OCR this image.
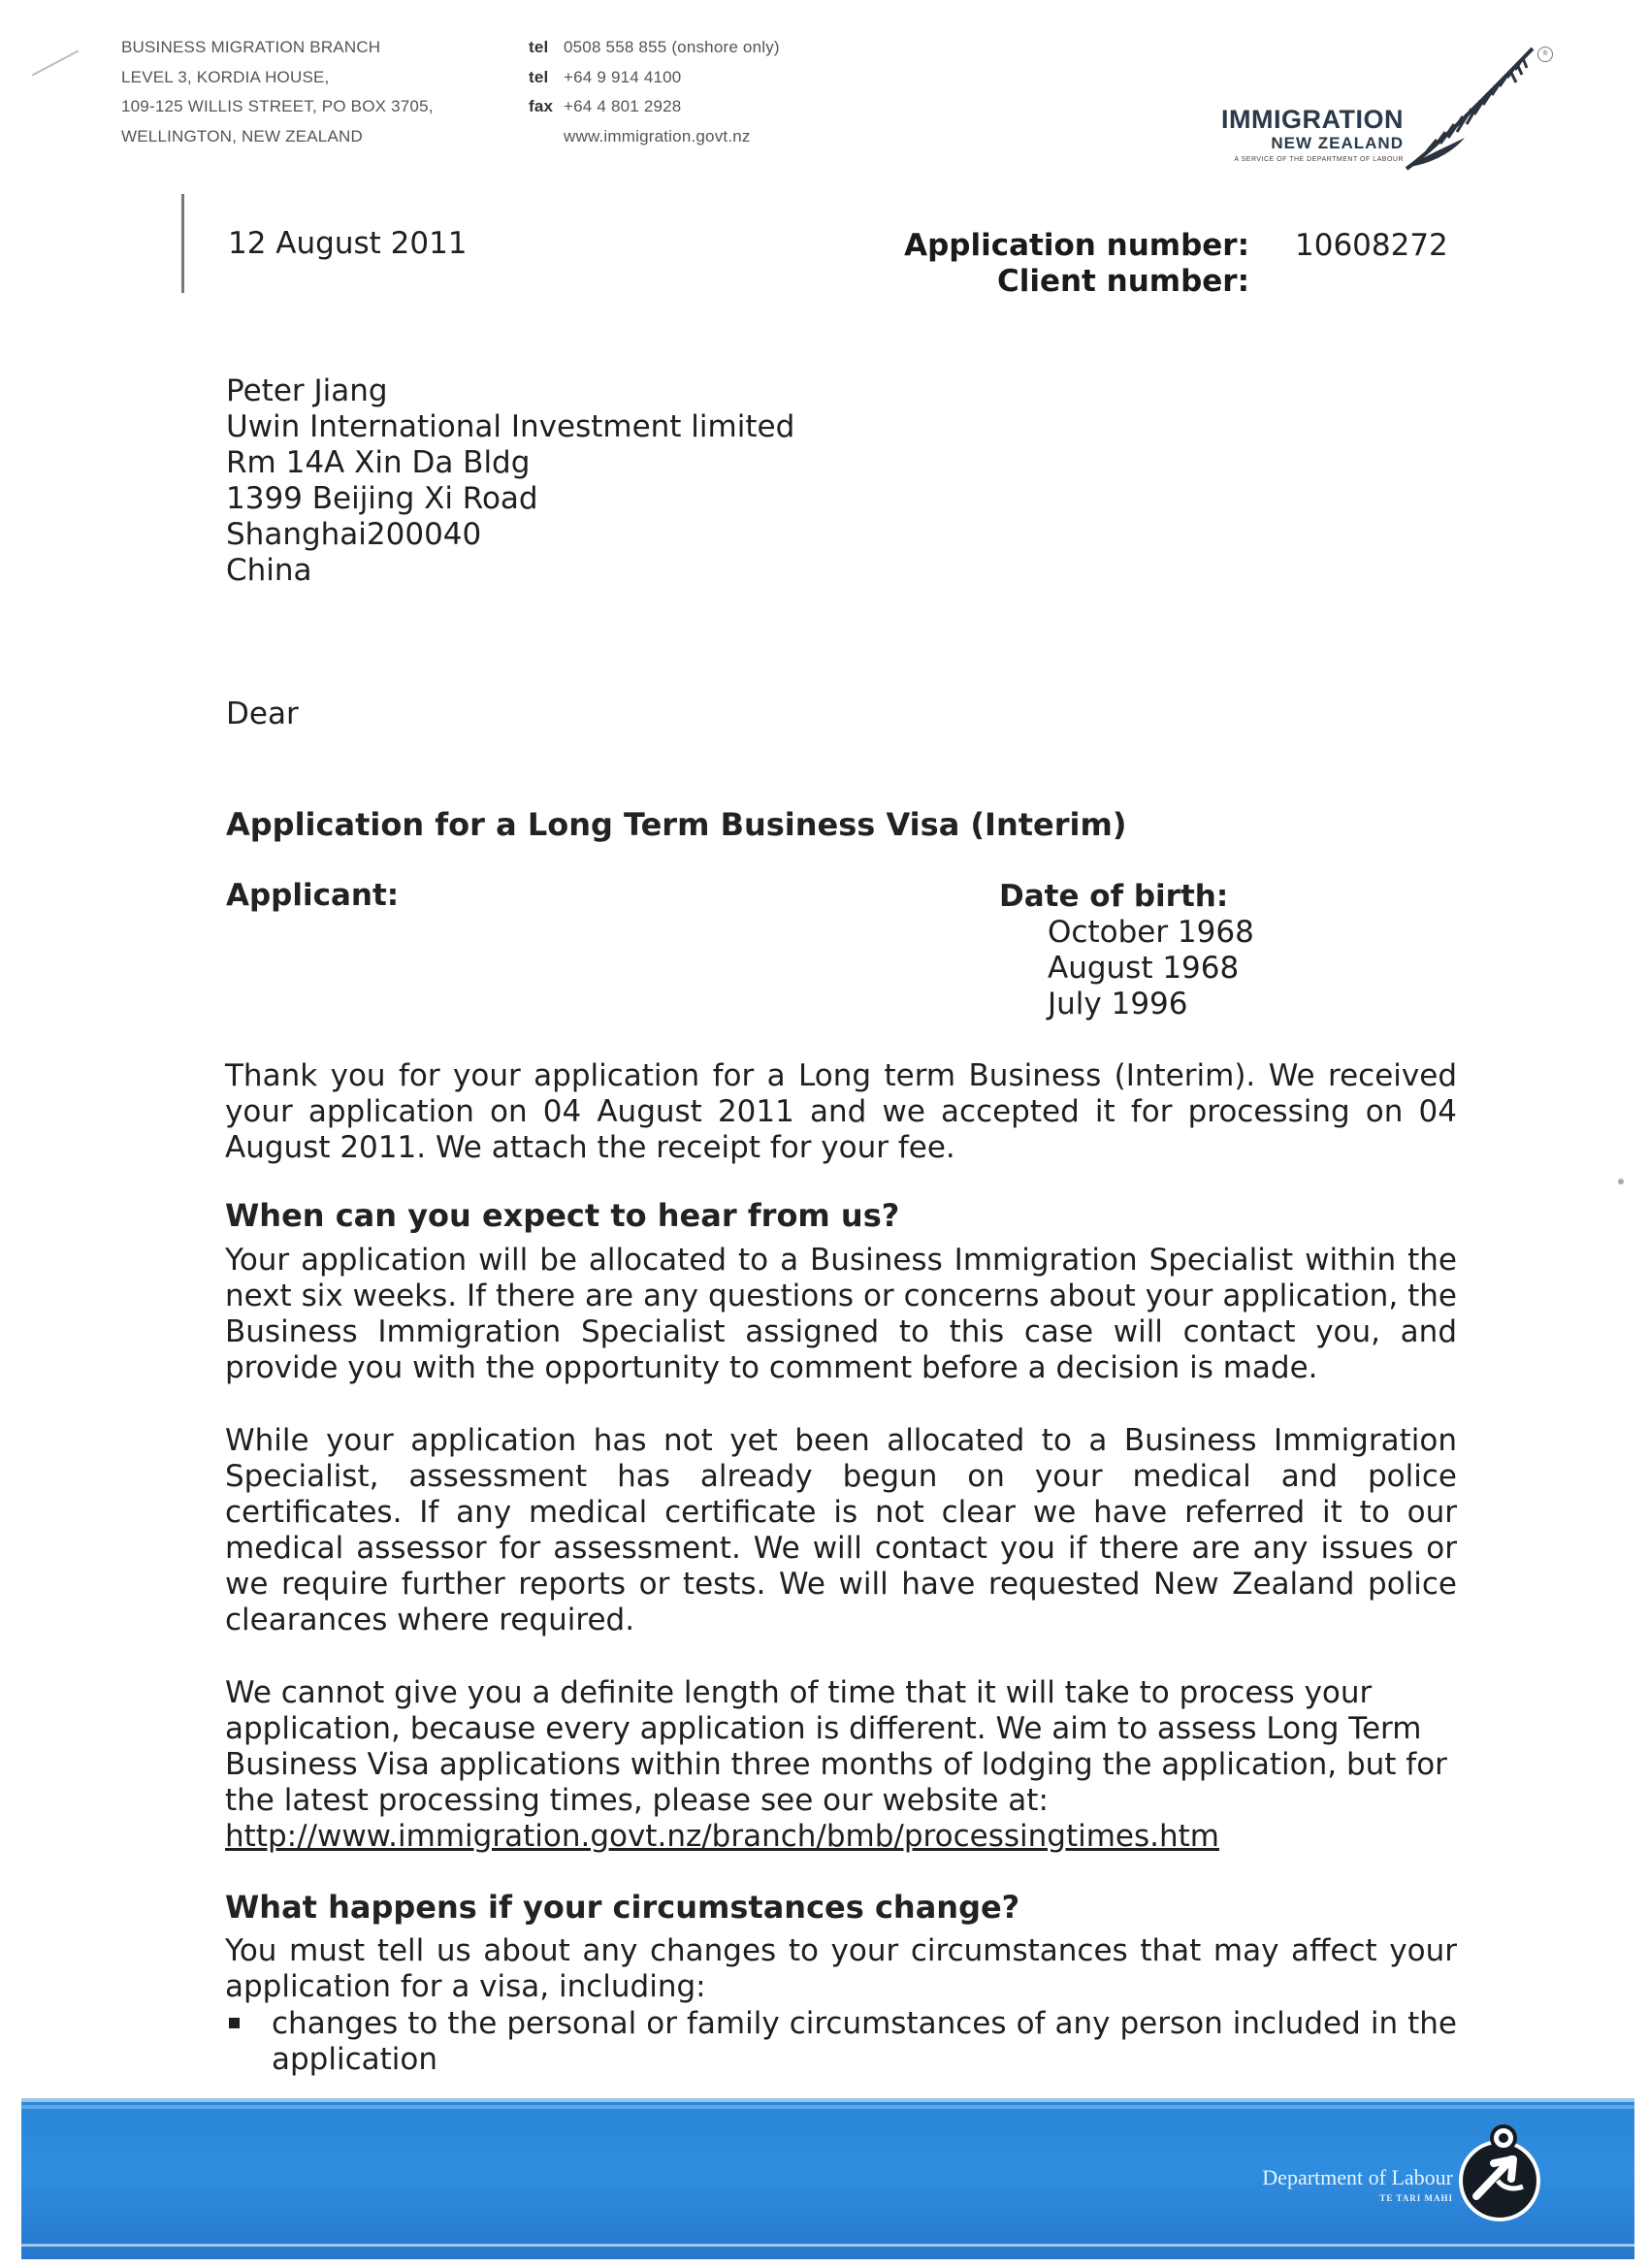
BUSINESS MIGRATION BRANCH
LEVEL 3, KORDIA HOUSE,
109-125 WILLIS STREET, PO BOX 3705,
WELLINGTON, NEW ZEALAND
tel 0508 558 855 (onshore only)
tel +64 9 914 4100
fax +64 4 801 2928
www.immigration.govt.nz
IMMIGRATION
NEW ZEALAND
A SERVICE OF THE DEPARTMENT OF LABOUR
®
12 August 2011	Application number:
Client number:
10608272
Peter Jiang
Uwin International Investment limited
Rm 14A Xin Da Bldg
1399 Beijing Xi Road
Shanghai200040
China
Dear
Application for a Long Term Business Visa (Interim)
Applicant:	Date of birth:
October 1968
August 1968
July 1996
Thank you for your application for a Long term Business (Interim). We received your application on 04 August 2011 and we accepted it for processing on 04 August 2011. We attach the receipt for your fee.
When can you expect to hear from us?
Your application will be allocated to a Business Immigration Specialist within the next six weeks. If there are any questions or concerns about your application, the Business Immigration Specialist assigned to this case will contact you, and provide you with the opportunity to comment before a decision is made.
While your application has not yet been allocated to a Business Immigration Specialist, assessment has already begun on your medical and police certificates. If any medical certificate is not clear we have referred it to our medical assessor for assessment. We will contact you if there are any issues or we require further reports or tests. We will have requested New Zealand police clearances where required.
We cannot give you a definite length of time that it will take to process your application, because every application is different. We aim to assess Long Term Business Visa applications within three months of lodging the application, but for the latest processing times, please see our website at:
http://www.immigration.govt.nz/branch/bmb/processingtimes.htm
What happens if your circumstances change?
You must tell us about any changes to your circumstances that may affect your application for a visa, including:
changes to the personal or family circumstances of any person included in the application
Department of Labour
TE TARI MAHI
